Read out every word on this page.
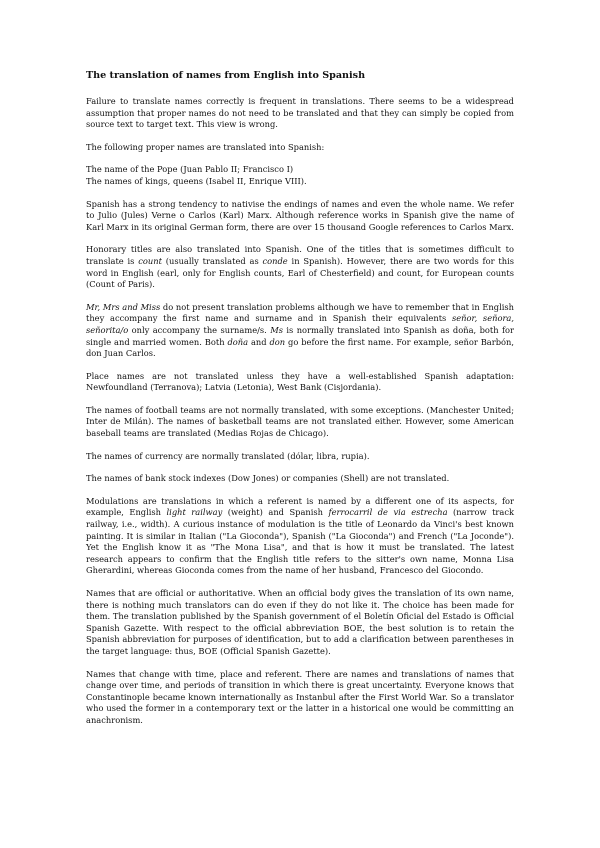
The translation of names from English into Spanish

Failure to translate names correctly is frequent in translations. There seems to be a widespread assumption that proper names do not need to be translated and that they can simply be copied from source text to target text. This view is wrong.

The following proper names are translated into Spanish:

The name of the Pope (Juan Pablo II; Francisco I)

The names of kings, queens (Isabel II, Enrique VIII).

Spanish has a strong tendency to nativise the endings of names and even the whole name. We refer to Julio (Jules) Verne o Carlos (Karl) Marx. Although reference works in Spanish give the name of Karl Marx in its original German form, there are over 15 thousand Google references to Carlos Marx.

Honorary titles are also translated into Spanish. One of the titles that is sometimes difficult to translate is count (usually translated as conde in Spanish). However, there are two words for this word in English (earl, only for English counts, Earl of Chesterfield) and count, for European counts (Count of Paris).

Mr, Mrs and Miss do not present translation problems although we have to remember that in English they accompany the first name and surname and in Spanish their equivalents señor, señora, señorita/o only accompany the surname/s. Ms is normally translated into Spanish as doña, both for single and married women. Both doña and don go before the first name. For example, señor Barbón, don Juan Carlos.

Place names are not translated unless they have a well-established Spanish adaptation: Newfoundland (Terranova); Latvia (Letonia), West Bank (Cisjordania).

The names of football teams are not normally translated, with some exceptions. (Manchester United; Inter de Milán). The names of basketball teams are not translated either. However, some American baseball teams are translated (Medias Rojas de Chicago).

The names of currency are normally translated (dólar, libra, rupia).

The names of bank stock indexes (Dow Jones) or companies (Shell) are not translated.

Modulations are translations in which a referent is named by a different one of its aspects, for example, English light railway (weight) and Spanish ferrocarril de via estrecha (narrow track railway, i.e., width). A curious instance of modulation is the title of Leonardo da Vinci's best known painting. It is similar in Italian ("La Gioconda"), Spanish ("La Gioconda") and French ("La Joconde"). Yet the English know it as "The Mona Lisa", and that is how it must be translated. The latest research appears to confirm that the English title refers to the sitter's own name, Monna Lisa Gherardini, whereas Gioconda comes from the name of her husband, Francesco del Giocondo.

Names that are official or authoritative. When an official body gives the translation of its own name, there is nothing much translators can do even if they do not like it. The choice has been made for them. The translation published by the Spanish government of el Boletín Oficial del Estado is Official Spanish Gazette. With respect to the official abbreviation BOE, the best solution is to retain the Spanish abbreviation for purposes of identification, but to add a clarification between parentheses in the target language: thus, BOE (Official Spanish Gazette).

Names that change with time, place and referent. There are names and translations of names that change over time, and periods of transition in which there is great uncertainty. Everyone knows that Constantinople became known internationally as Instanbul after the First World War. So a translator who used the former in a contemporary text or the latter in a historical one would be committing an anachronism.
